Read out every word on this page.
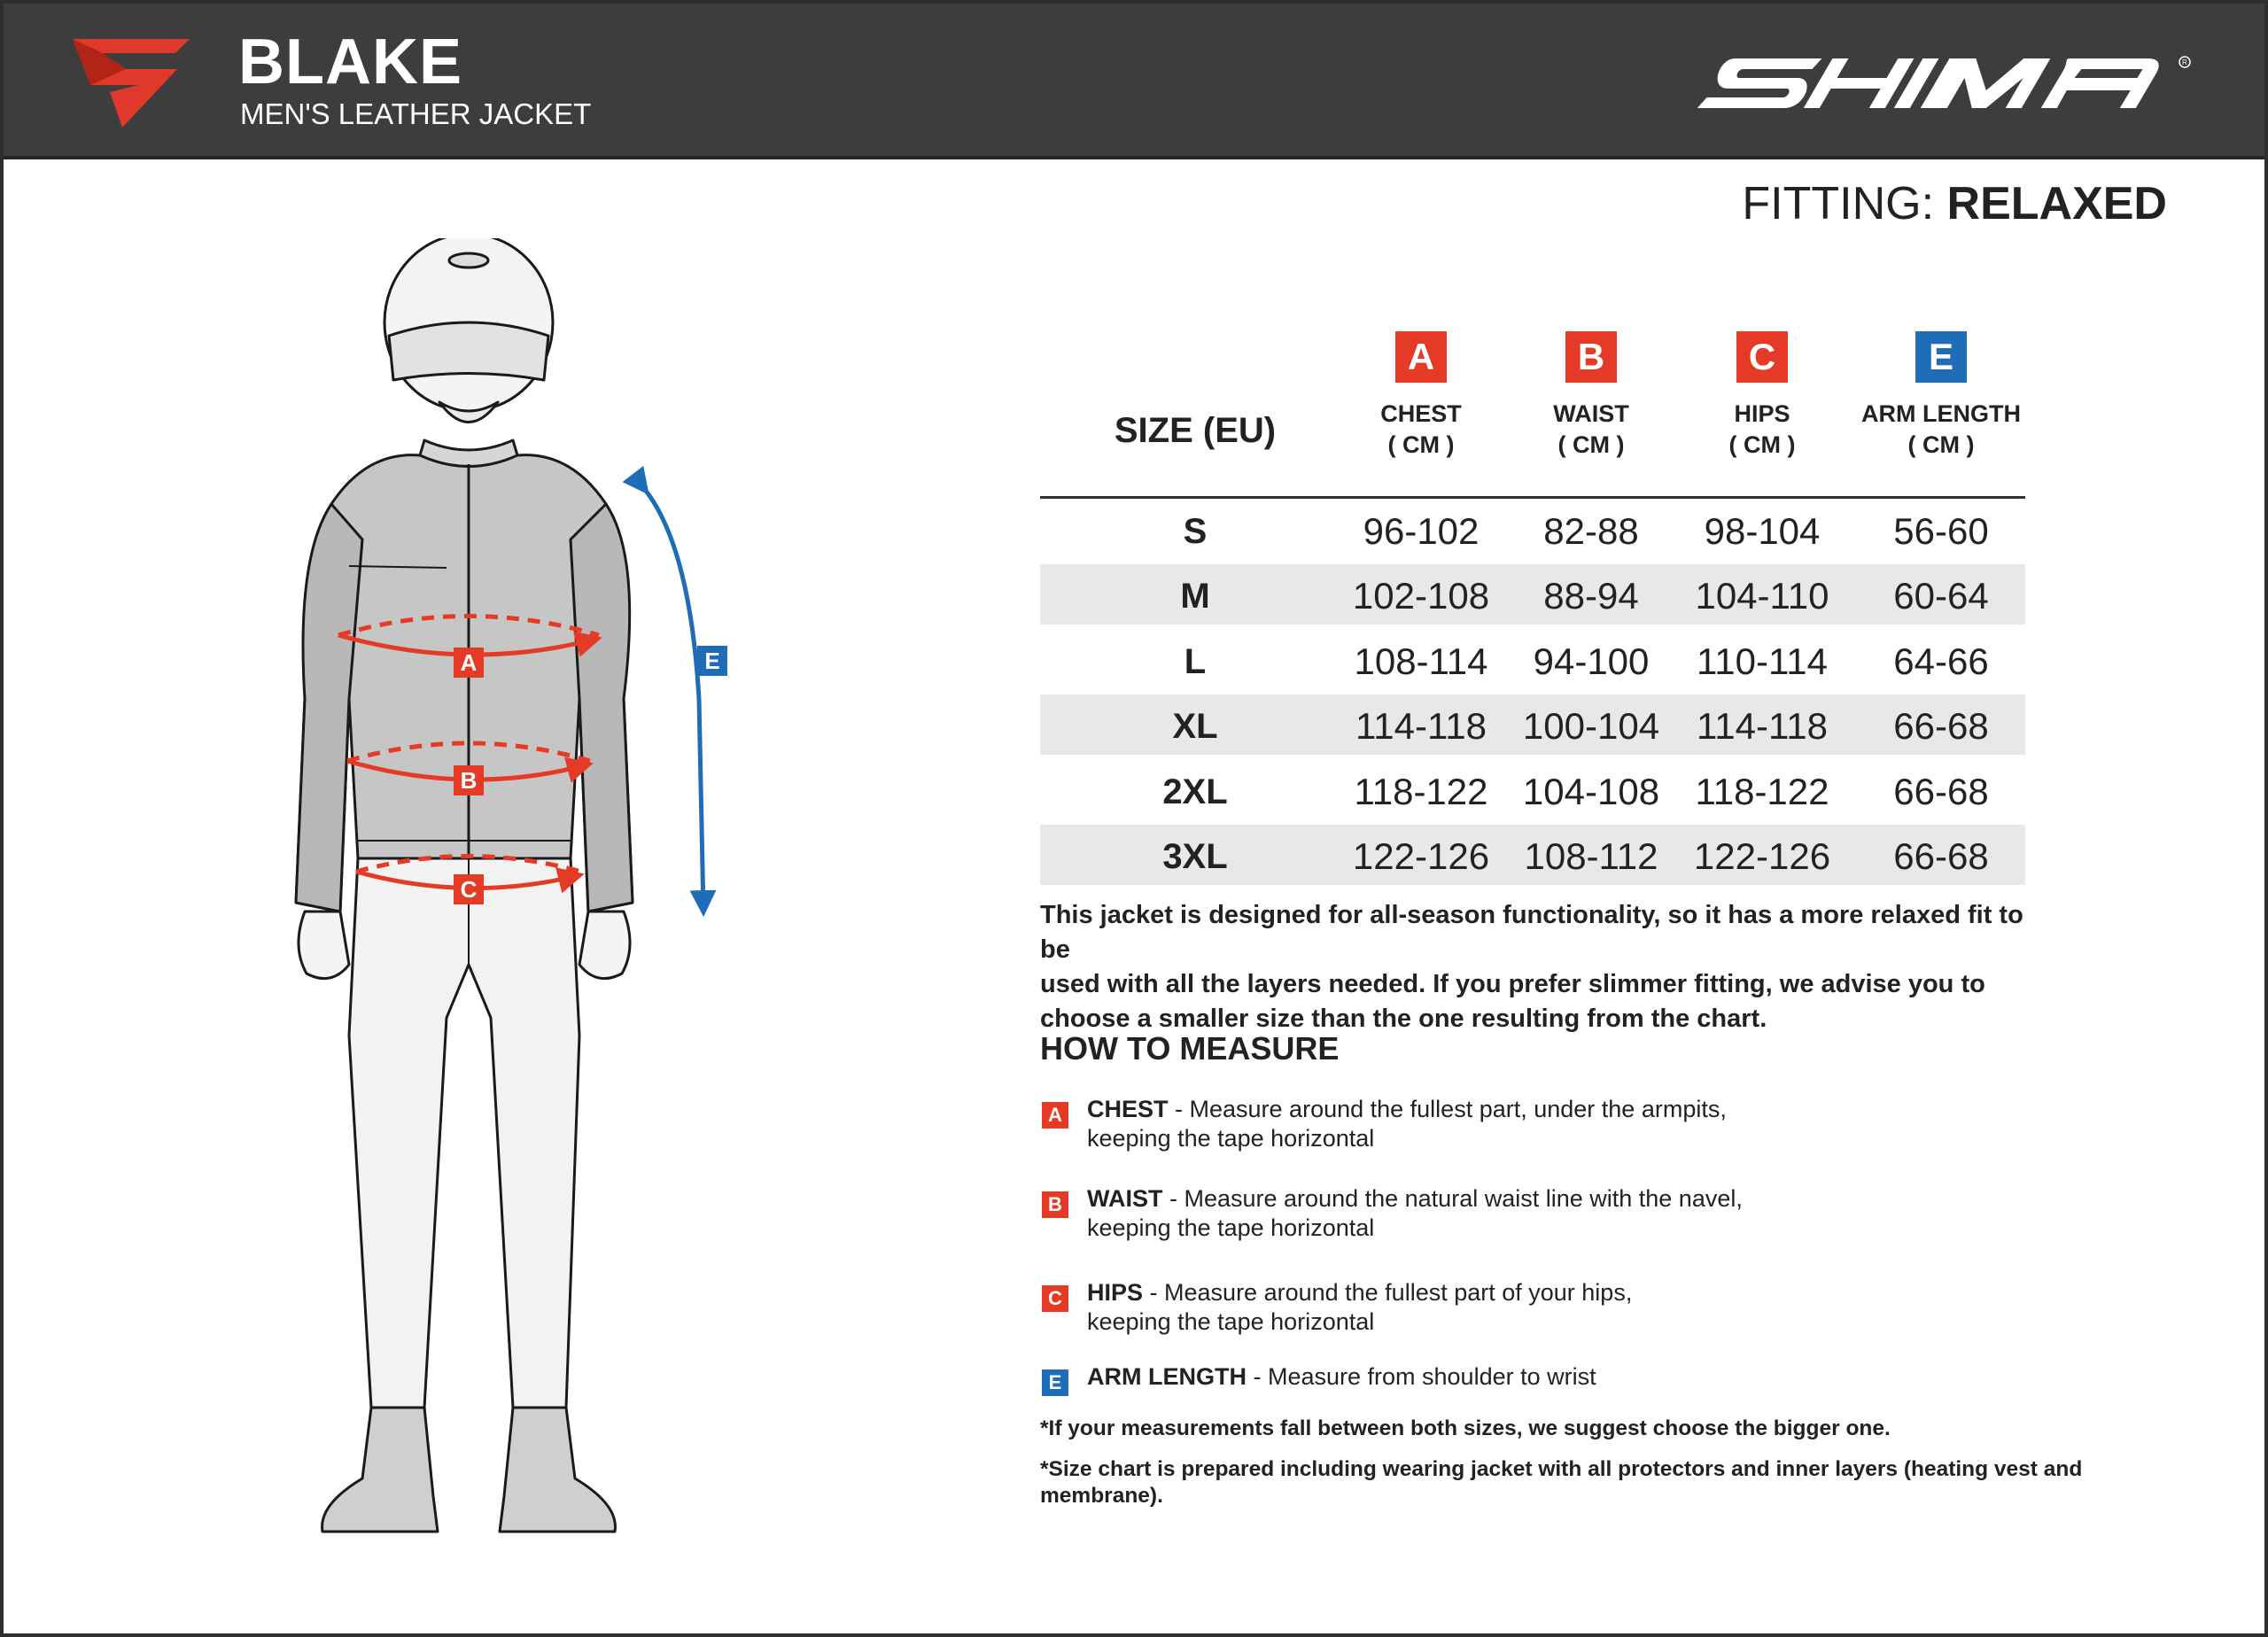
BLAKE
MEN'S LEATHER JACKET
R
FITTING: RELAXED
A
B
C
E
SIZE (EU)
A
CHEST
( CM )
B
WAIST
( CM )
C
HIPS
( CM )
E
ARM LENGTH
( CM )
S	96-102	82-88	98-104	56-60
M	102-108	88-94	104-110	60-64
L	108-114	94-100	110-114	64-66
XL	114-118 100-104 114-118	66-68
2XL	118-122 104-108 118-122	66-68
3XL	122-126 108-112 122-126	66-68
This jacket is designed for all-season functionality, so it has a more relaxed fit to be
used with all the layers needed. If you prefer slimmer fitting, we advise you to
choose a smaller size than the one resulting from the chart.
HOW TO MEASURE
A CHEST - Measure around the fullest part, under the armpits,
keeping the tape horizontal
B WAIST - Measure around the natural waist line with the navel,
keeping the tape horizontal
C HIPS - Measure around the fullest part of your hips,
keeping the tape horizontal
E ARM LENGTH - Measure from shoulder to wrist
*If your measurements fall between both sizes, we suggest choose the bigger one.
*Size chart is prepared including wearing jacket with all protectors and inner layers (heating vest and membrane).
